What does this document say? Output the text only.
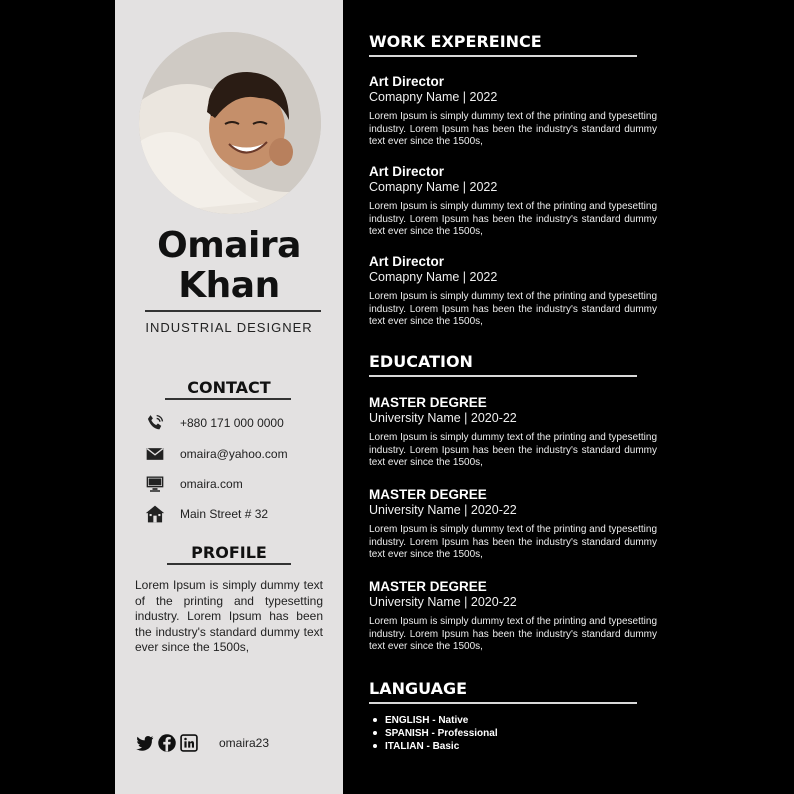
Omaira
Khan
INDUSTRIAL DESIGNER
CONTACT
+880 171 000 0000
omaira@yahoo.com
omaira.com
Main Street # 32
PROFILE
Lorem Ipsum is simply dummy text of the printing and typesetting industry. Lorem Ipsum has been the industry's standard dummy text ever since the 1500s,
omaira23
WORK EXPEREINCE
Art Director
Comapny Name | 2022
Lorem Ipsum is simply dummy text of the printing and typesetting industry. Lorem Ipsum has been the industry's standard dummy text ever since the 1500s,
Art Director
Comapny Name | 2022
Lorem Ipsum is simply dummy text of the printing and typesetting industry. Lorem Ipsum has been the industry's standard dummy text ever since the 1500s,
Art Director
Comapny Name | 2022
Lorem Ipsum is simply dummy text of the printing and typesetting industry. Lorem Ipsum has been the industry's standard dummy text ever since the 1500s,
EDUCATION
MASTER DEGREE
University Name | 2020-22
Lorem Ipsum is simply dummy text of the printing and typesetting industry. Lorem Ipsum has been the industry's standard dummy text ever since the 1500s,
MASTER DEGREE
University Name | 2020-22
Lorem Ipsum is simply dummy text of the printing and typesetting industry. Lorem Ipsum has been the industry's standard dummy text ever since the 1500s,
MASTER DEGREE
University Name | 2020-22
Lorem Ipsum is simply dummy text of the printing and typesetting industry. Lorem Ipsum has been the industry's standard dummy text ever since the 1500s,
LANGUAGE
ENGLISH - Native
SPANISH - Professional
ITALIAN - Basic
